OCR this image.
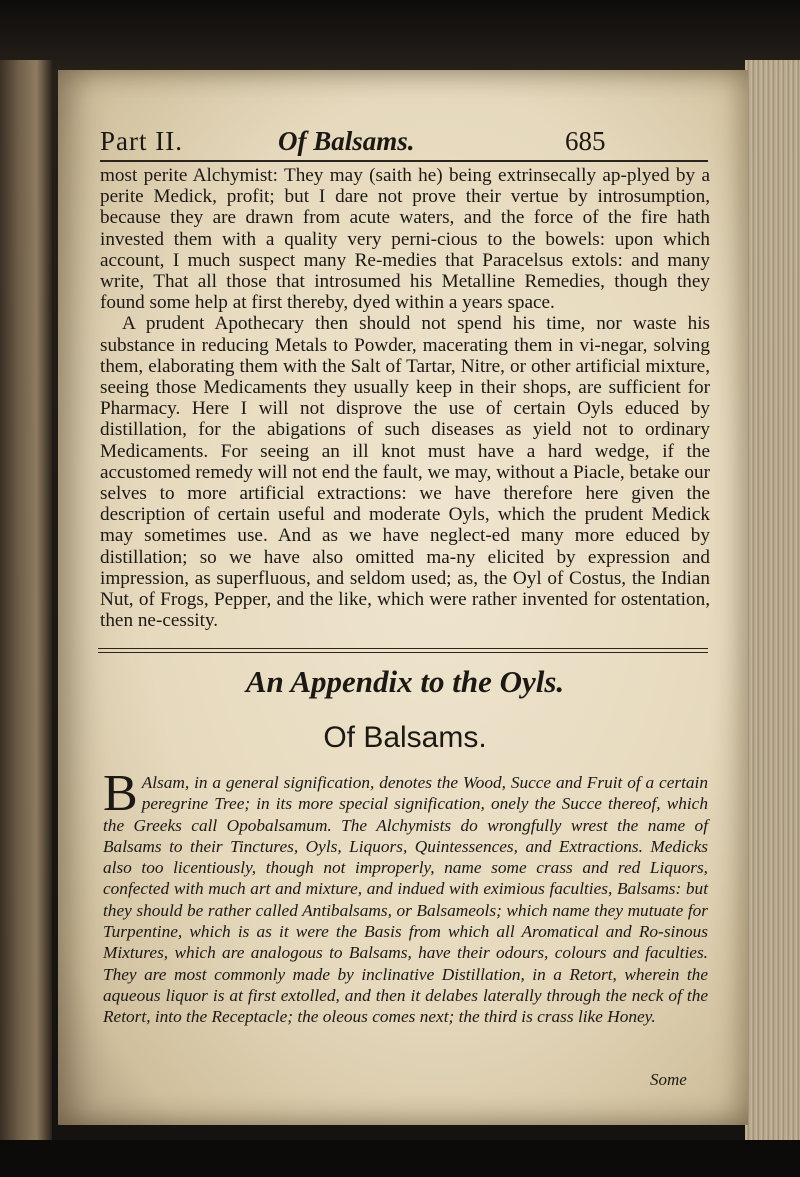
Part II.	Of Balsams.	685

most perite Alchymist: They may (saith he) being extrinsecally ap-plyed by a perite Medick, profit; but I dare not prove their vertue by introsumption, because they are drawn from acute waters, and the force of the fire hath invested them with a quality very perni-cious to the bowels: upon which account, I much suspect many Re-medies that Paracelsus extols: and many write, That all those that introsumed his Metalline Remedies, though they found some help at first thereby, dyed within a years space.

A prudent Apothecary then should not spend his time, nor waste his substance in reducing Metals to Powder, macerating them in vi-negar, solving them, elaborating them with the Salt of Tartar, Nitre, or other artificial mixture, seeing those Medicaments they usually keep in their shops, are sufficient for Pharmacy. Here I will not disprove the use of certain Oyls educed by distillation, for the abigations of such diseases as yield not to ordinary Medicaments. For seeing an ill knot must have a hard wedge, if the accustomed remedy will not end the fault, we may, without a Piacle, betake our selves to more artificial extractions: we have therefore here given the description of certain useful and moderate Oyls, which the prudent Medick may sometimes use. And as we have neglect-ed many more educed by distillation; so we have also omitted ma-ny elicited by expression and impression, as superfluous, and seldom used; as, the Oyl of Costus, the Indian Nut, of Frogs, Pepper, and the like, which were rather invented for ostentation, then ne-cessity.

An Appendix to the Oyls.
Of Balsams.
B Alsam, in a general signification, denotes the Wood, Succe and Fruit of a certain peregrine Tree; in its more special signification, onely the Succe thereof, which the Greeks call Opobalsamum. The Alchymists do wrongfully wrest the name of Balsams to their Tinctures, Oyls, Liquors, Quintessences, and Extractions. Medicks also too licentiously, though not improperly, name some crass and red Liquors, confected with much art and mixture, and indued with eximious faculties, Balsams: but they should be rather called Antibalsams, or Balsameols; which name they mutuate for Turpentine, which is as it were the Basis from which all Aromatical and Ro-sinous Mixtures, which are analogous to Balsams, have their odours, colours and faculties. They are most commonly made by inclinative Distillation, in a Retort, wherein the aqueous liquor is at first extolled, and then it delabes laterally through the neck of the Retort, into the Receptacle; the oleous comes next; the third is crass like Honey.
Some
